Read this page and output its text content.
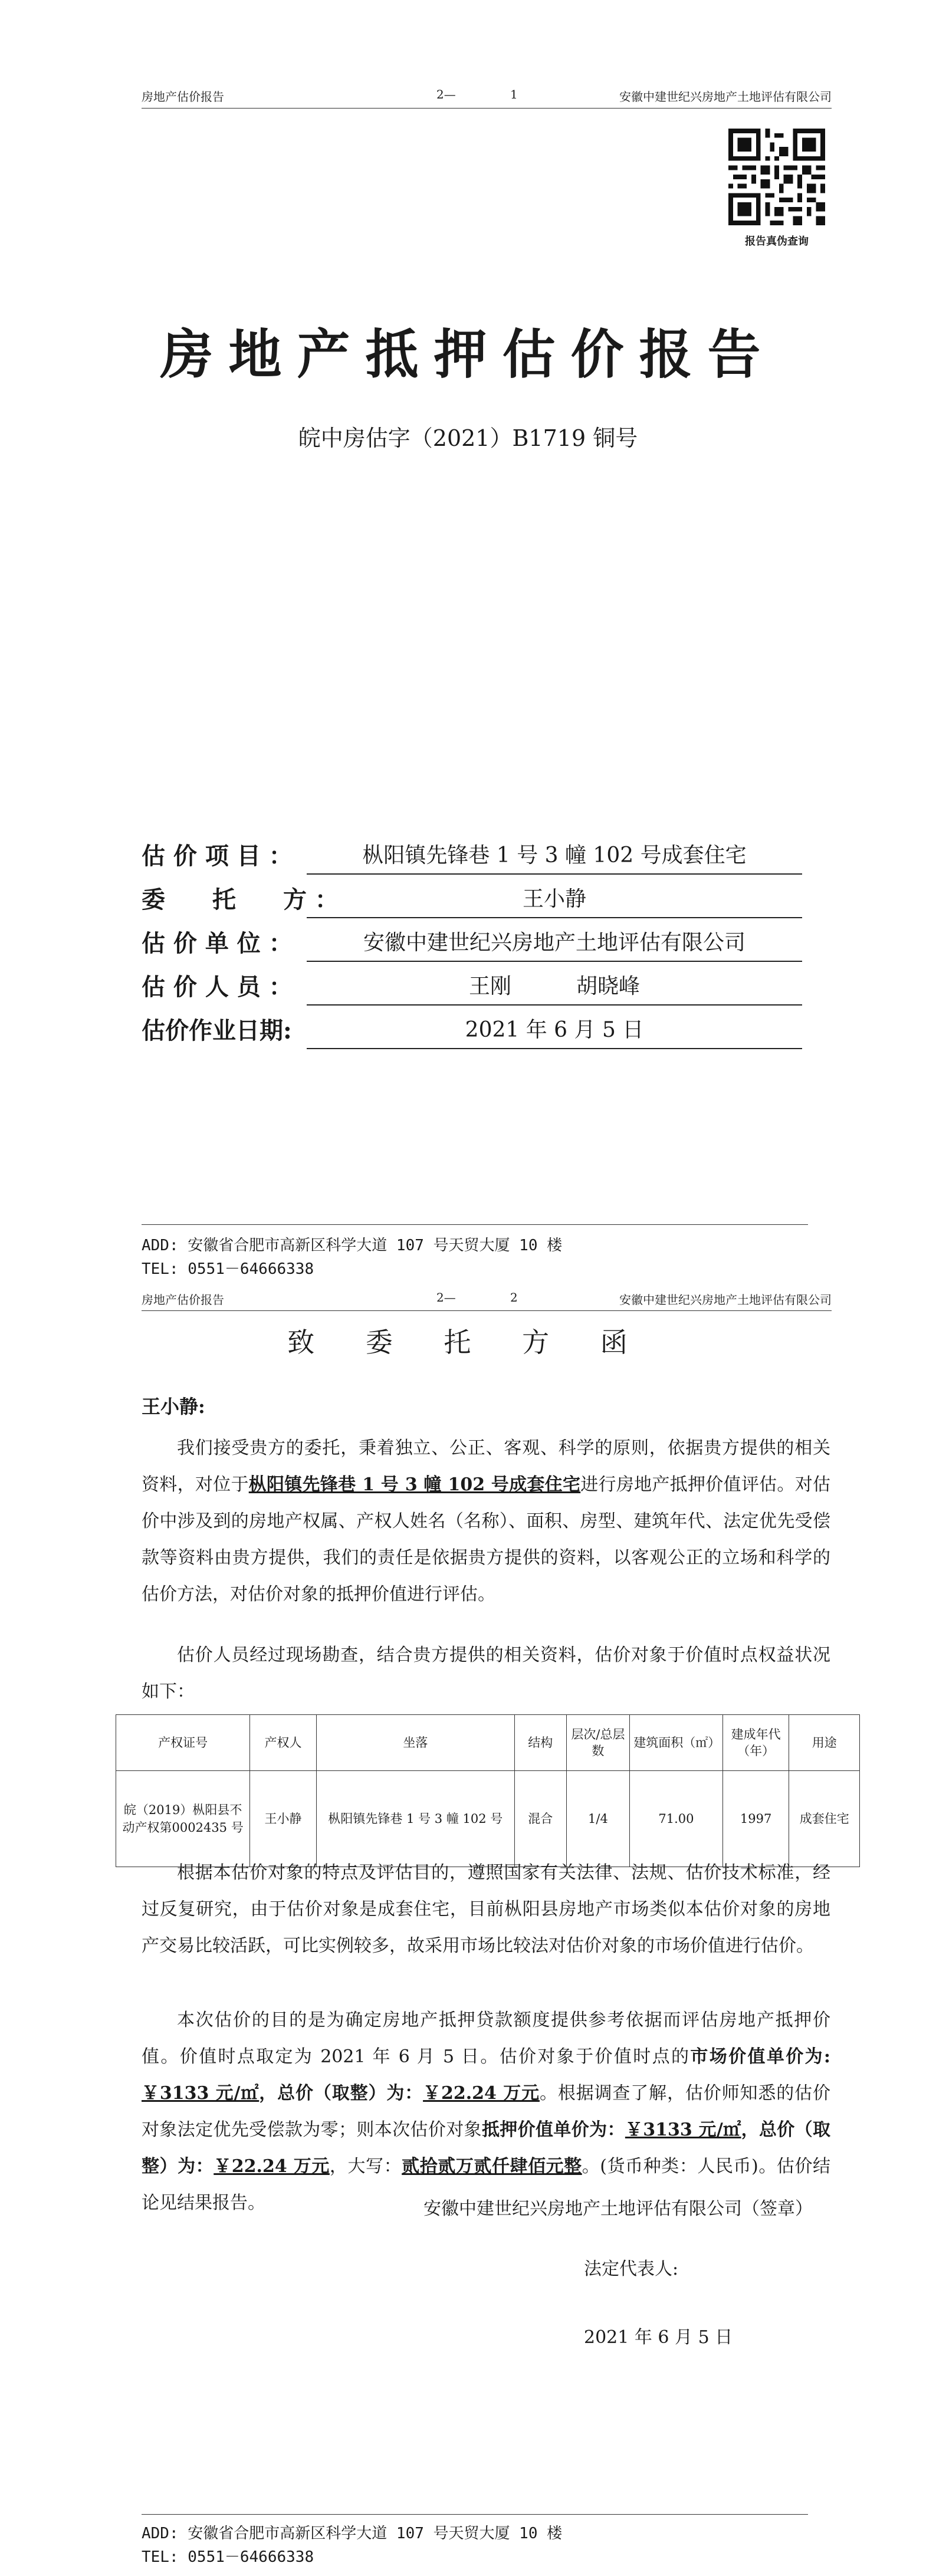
房地产估价报告	2—	1	安徽中建世纪兴房地产土地评估有限公司
报告真伪查询
房地产抵押估价报告
皖中房估字（2021）B1719 铜号
估 价 项 目 ：	枞阳镇先锋巷 1 号 3 幢 102 号成套住宅
委　　托　　方 ：	王小静
估 价 单 位 ：	安徽中建世纪兴房地产土地评估有限公司
估 价 人 员 ：	王刚	胡晓峰
估价作业日期:	2021 年 6 月 5 日
ADD: 安徽省合肥市高新区科学大道 107 号天贸大厦 10 楼
TEL: 0551－64666338
房地产估价报告	2—	2	安徽中建世纪兴房地产土地评估有限公司
致 委 托 方 函
王小静:

我们接受贵方的委托，秉着独立、公正、客观、科学的原则，依据贵方提供的相关资料，对位于枞阳镇先锋巷 1 号 3 幢 102 号成套住宅进行房地产抵押价值评估。对估价中涉及到的房地产权属、产权人姓名（名称）、面积、房型、建筑年代、法定优先受偿款等资料由贵方提供，我们的责任是依据贵方提供的资料，以客观公正的立场和科学的估价方法，对估价对象的抵押价值进行评估。

估价人员经过现场勘查，结合贵方提供的相关资料，估价对象于价值时点权益状况如下：

产权证号	产权人	坐落	结构	层次/总层数	建筑面积（㎡）	建成年代（年）	用途
皖（2019）枞阳县不动产权第0002435 号	王小静	枞阳镇先锋巷 1 号 3 幢 102 号	混合	1/4	71.00	1997	成套住宅

根据本估价对象的特点及评估目的，遵照国家有关法律、法规、估价技术标准，经过反复研究，由于估价对象是成套住宅，目前枞阳县房地产市场类似本估价对象的房地产交易比较活跃，可比实例较多，故采用市场比较法对估价对象的市场价值进行估价。

本次估价的目的是为确定房地产抵押贷款额度提供参考依据而评估房地产抵押价值。价值时点取定为 2021 年 6 月 5 日。估价对象于价值时点的市场价值单价为:￥3133 元/㎡，总价（取整）为：￥22.24 万元。根据调查了解，估价师知悉的估价对象法定优先受偿款为零；则本次估价对象抵押价值单价为：￥3133 元/㎡，总价（取整）为：￥22.24 万元，大写：贰拾贰万贰仟肆佰元整。(货币种类：人民币)。估价结论见结果报告。	安徽中建世纪兴房地产土地评估有限公司（签章）
法定代表人:
2021 年 6 月 5 日
ADD: 安徽省合肥市高新区科学大道 107 号天贸大厦 10 楼
TEL: 0551－64666338
